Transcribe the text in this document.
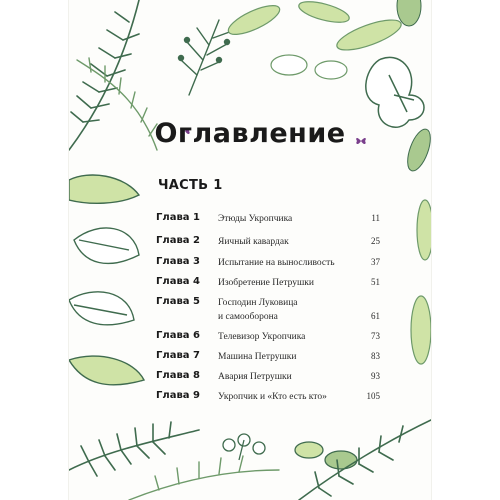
Оглавление
ЧАСТЬ 1
Глава 1 Этюды Укропчика	11
Глава 2 Яичный кавардак	25
Глава 3 Испытание на выносливость	37
Глава 4 Изобретение Петрушки	51
Глава 5 Господин Луковица
и самооборона	61
Глава 6 Телевизор Укропчика	73
Глава 7 Машина Петрушки	83
Глава 8 Авария Петрушки	93
Глава 9 Укропчик и «Кто есть кто»	105
